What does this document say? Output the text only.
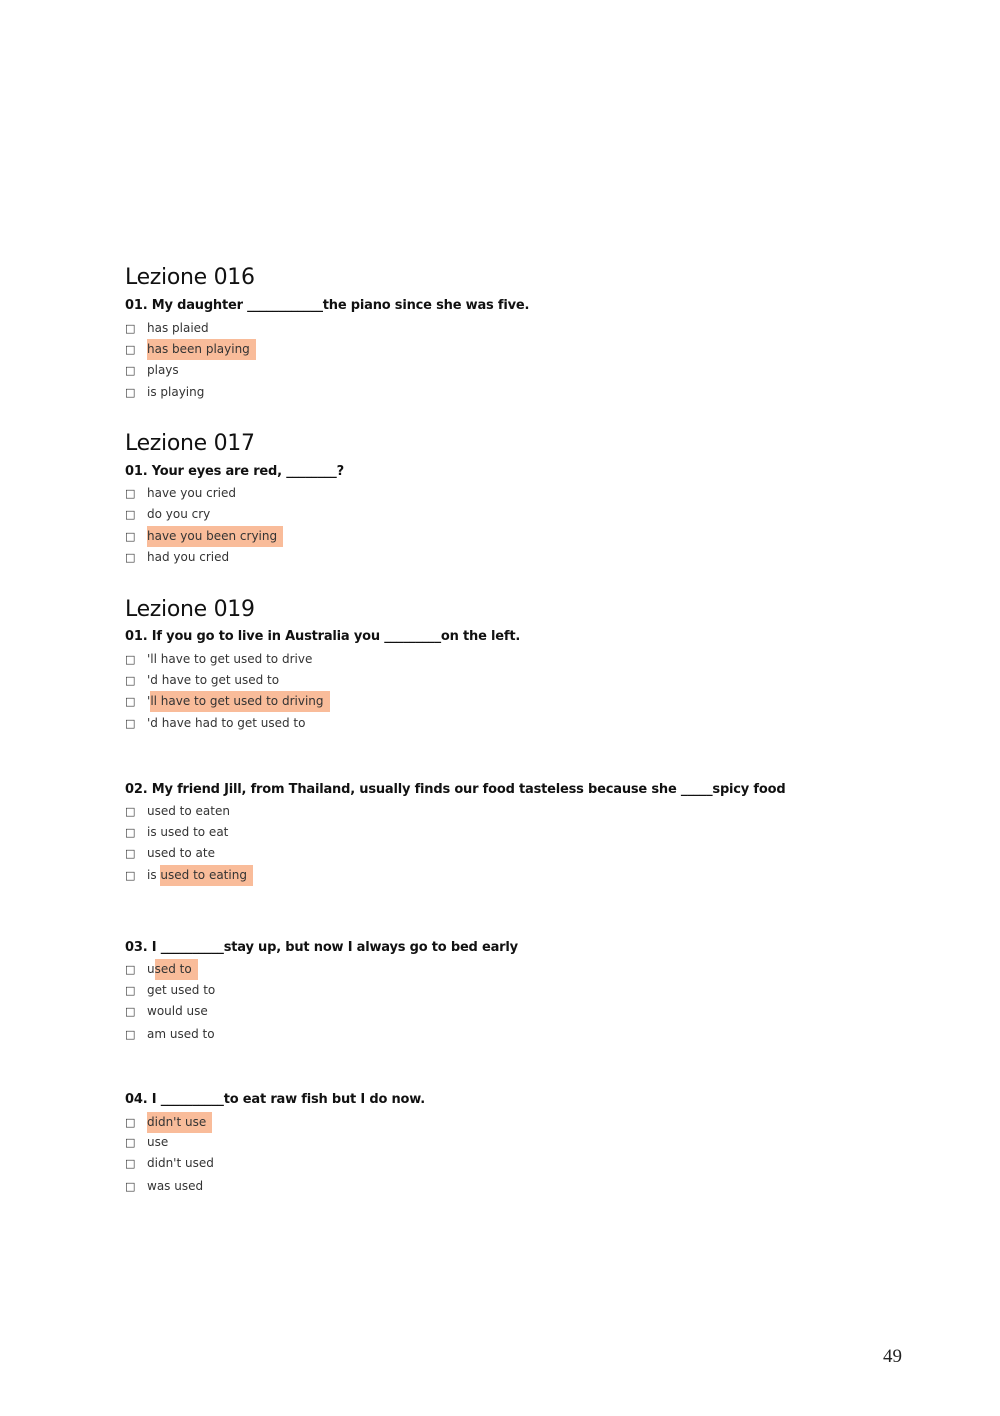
Lezione 016

01. My daughter ____________the piano since she was five.

□ has plaied
□ has been playing
□ plays
□ is playing
Lezione 017

01. Your eyes are red, ________?

□ have you cried
□ do you cry
□ have you been crying
□ had you cried
Lezione 019

01. If you go to live in Australia you _________on the left.

□ 'll have to get used to drive
□ 'd have to get used to
□ 'll have to get used to driving
□ 'd have had to get used to

02. My friend Jill, from Thailand, usually finds our food tasteless because she _____spicy food

□ used to eaten
□ is used to eat
□ used to ate
□ is used to eating

03. I __________stay up, but now I always go to bed early

□ used to
□ get used to
□ would use
□ am used to

04. I __________to eat raw fish but I do now.

□ didn't use
□ use
□ didn't used
□ was used
49
